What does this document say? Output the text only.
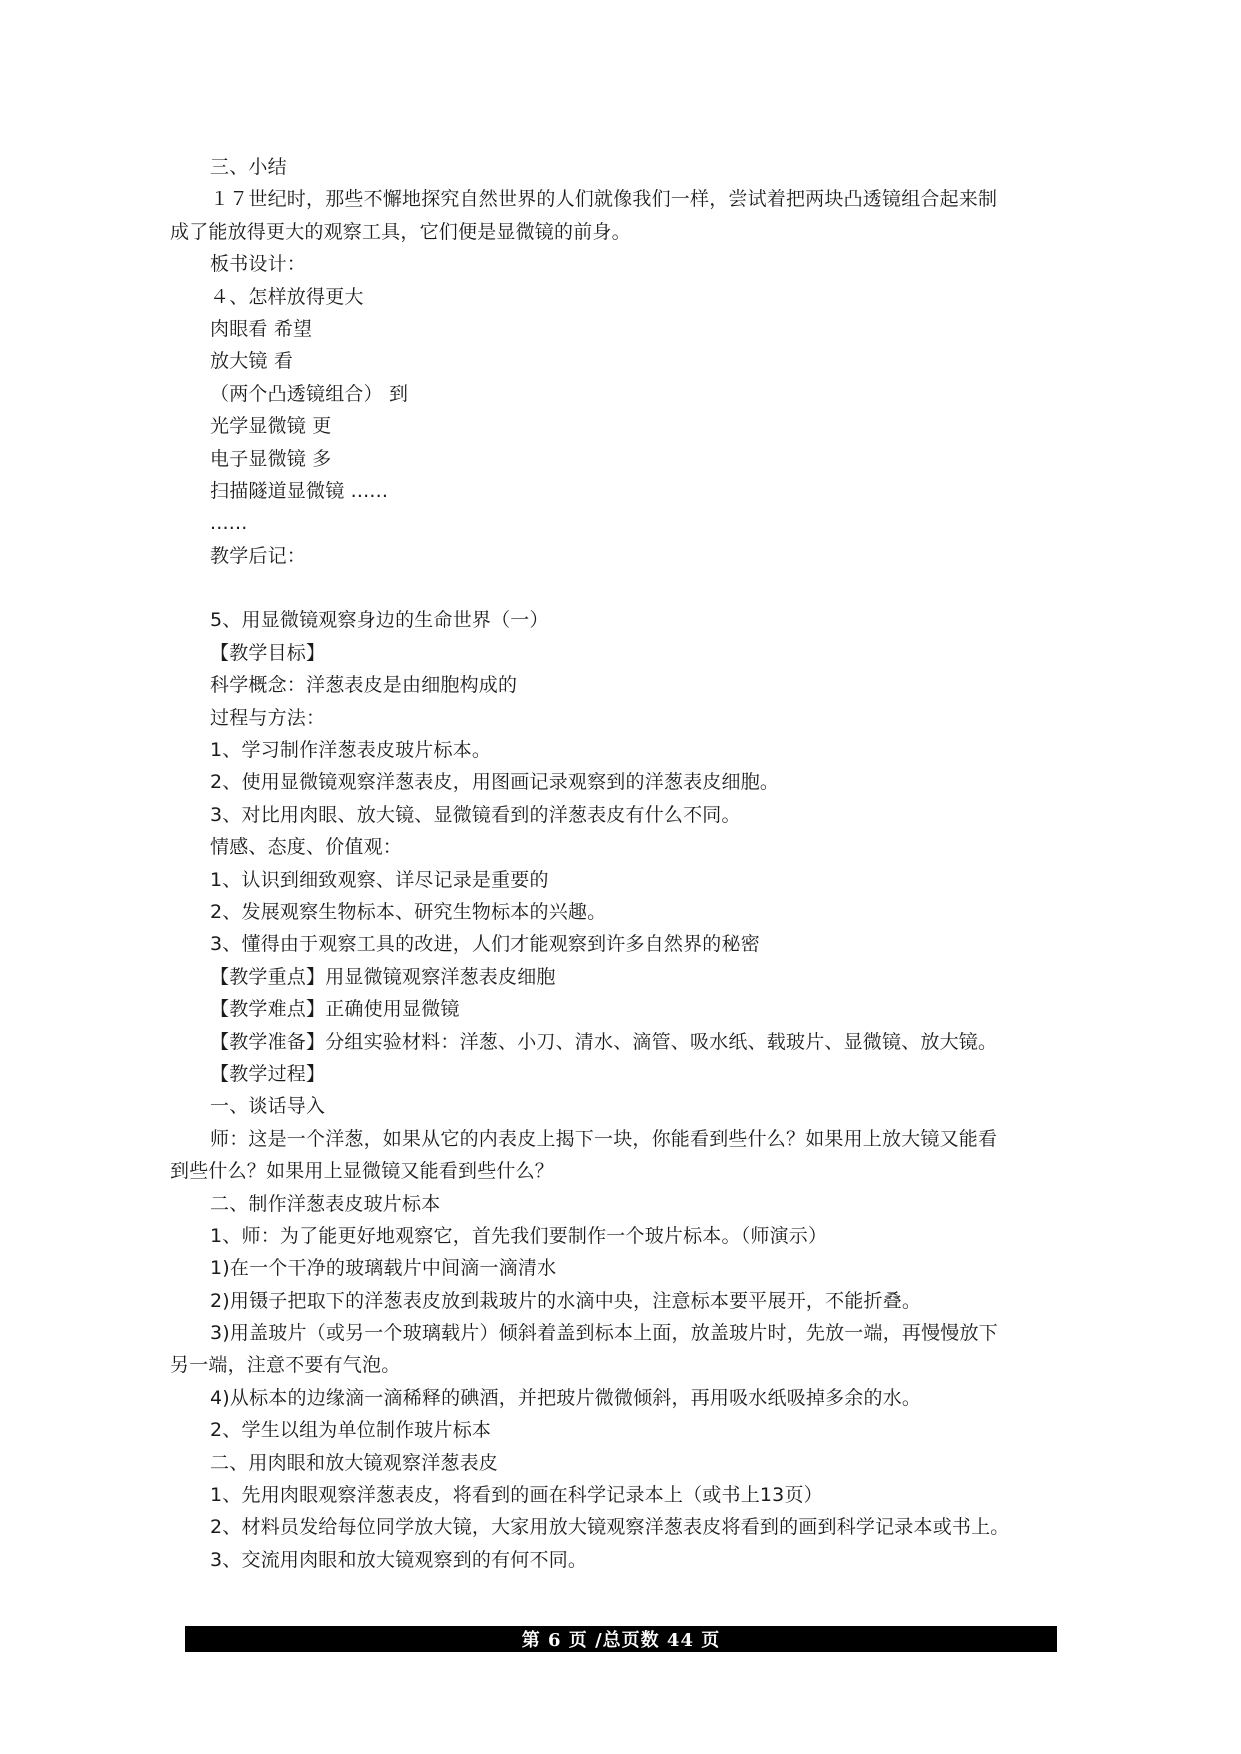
三、小结
１７世纪时，那些不懈地探究自然世界的人们就像我们一样，尝试着把两块凸透镜组合起来制
成了能放得更大的观察工具，它们便是显微镜的前身。
板书设计：
４、怎样放得更大
肉眼看 希望
放大镜 看
（两个凸透镜组合） 到
光学显微镜 更
电子显微镜 多
扫描隧道显微镜 ......
......
教学后记：
5、用显微镜观察身边的生命世界（一）
【教学目标】
科学概念：洋葱表皮是由细胞构成的
过程与方法：
1、学习制作洋葱表皮玻片标本。
2、使用显微镜观察洋葱表皮，用图画记录观察到的洋葱表皮细胞。
3、对比用肉眼、放大镜、显微镜看到的洋葱表皮有什么不同。
情感、态度、价值观：
1、认识到细致观察、详尽记录是重要的
2、发展观察生物标本、研究生物标本的兴趣。
3、懂得由于观察工具的改进，人们才能观察到许多自然界的秘密
【教学重点】用显微镜观察洋葱表皮细胞
【教学难点】正确使用显微镜
【教学准备】分组实验材料：洋葱、小刀、清水、滴管、吸水纸、载玻片、显微镜、放大镜。
【教学过程】
一、谈话导入
师：这是一个洋葱，如果从它的内表皮上揭下一块，你能看到些什么？如果用上放大镜又能看
到些什么？如果用上显微镜又能看到些什么？
二、制作洋葱表皮玻片标本
1、师：为了能更好地观察它，首先我们要制作一个玻片标本。（师演示）
1)在一个干净的玻璃载片中间滴一滴清水
2)用镊子把取下的洋葱表皮放到栽玻片的水滴中央，注意标本要平展开，不能折叠。
3)用盖玻片（或另一个玻璃载片）倾斜着盖到标本上面，放盖玻片时，先放一端，再慢慢放下
另一端，注意不要有气泡。
4)从标本的边缘滴一滴稀释的碘酒，并把玻片微微倾斜，再用吸水纸吸掉多余的水。
2、学生以组为单位制作玻片标本
二、用肉眼和放大镜观察洋葱表皮
1、先用肉眼观察洋葱表皮，将看到的画在科学记录本上（或书上13页）
2、材料员发给每位同学放大镜，大家用放大镜观察洋葱表皮将看到的画到科学记录本或书上。
3、交流用肉眼和放大镜观察到的有何不同。
第 6 页 /总页数 44 页
